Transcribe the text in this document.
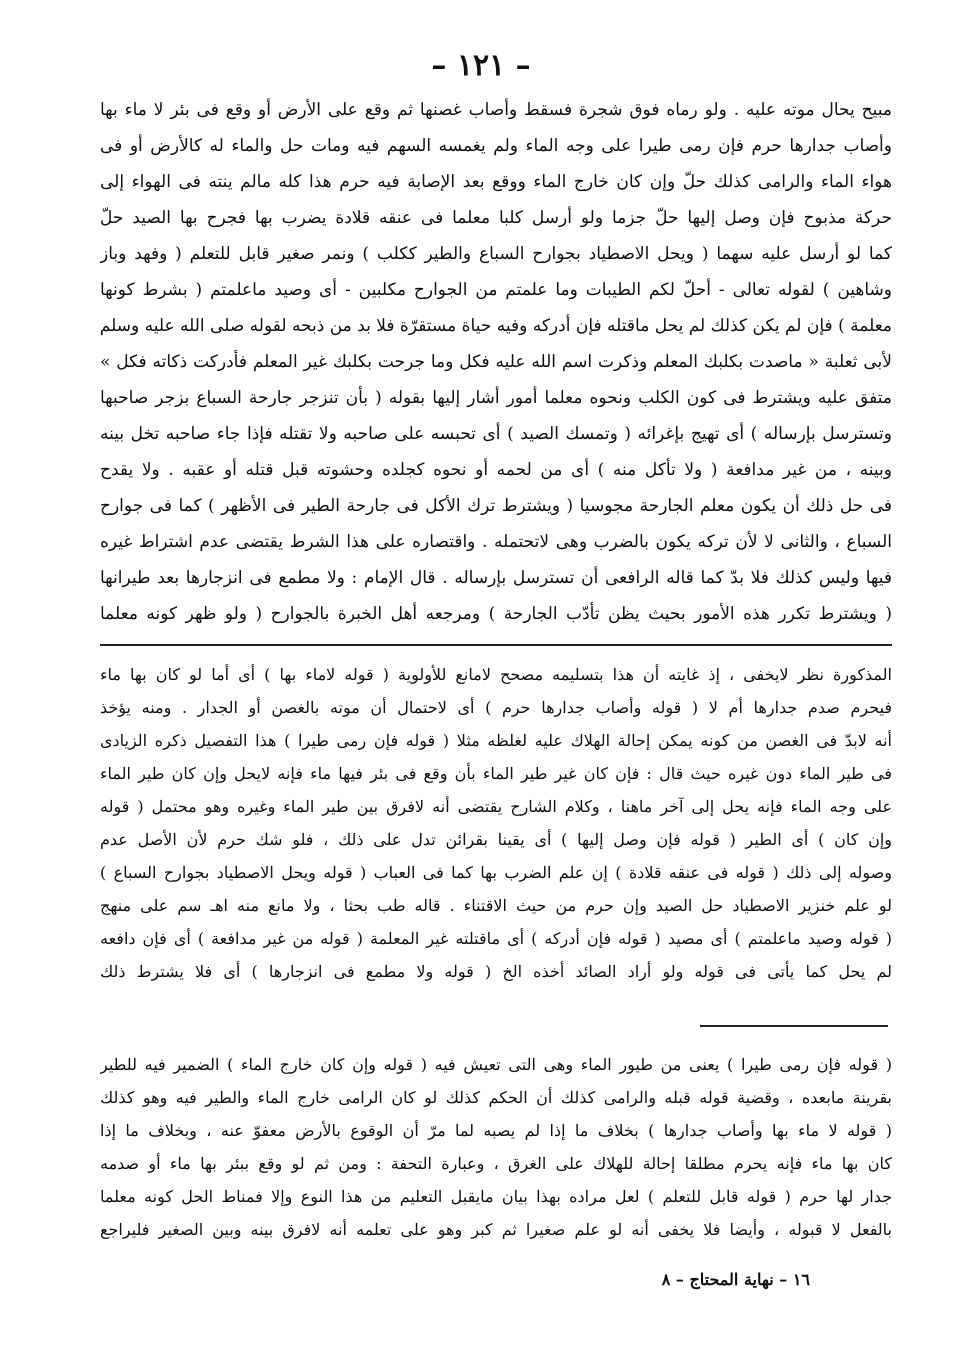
– ١٢١ –
مبيح يحال موته عليه . ولو رماه فوق شجرة فسقط وأصاب غصنها ثم وقع على الأرض أو وقع فى بئر لا ماء بها
وأصاب جدارها حرم فإن رمى طيرا على وجه الماء ولم يغمسه السهم فيه ومات حل والماء له كالأرض أو فى
هواء الماء والرامى كذلك حلّ وإن كان خارج الماء ووقع بعد الإصابة فيه حرم هذا كله مالم ينته فى الهواء إلى
حركة مذبوح فإن وصل إليها حلّ جزما ولو أرسل كلبا معلما فى عنقه قلادة يضرب بها فجرح بها الصيد حلّ
كما لو أرسل عليه سهما ( ويحل الاصطياد بجوارح السباع والطير ككلب ) ونمر صغير قابل للتعلم ( وفهد وباز
وشاهين ) لقوله تعالى - أحلّ لكم الطيبات وما علمتم من الجوارح مكلبين - أى وصيد ماعلمتم ( بشرط كونها
معلمة ) فإن لم يكن كذلك لم يحل ماقتله فإن أدركه وفيه حياة مستقرّة فلا بد من ذبحه لقوله صلى الله عليه وسلم
لأبى ثعلبة « ماصدت بكلبك المعلم وذكرت اسم الله عليه فكل وما جرحت بكلبك غير المعلم فأدركت ذكاته فكل »
متفق عليه ويشترط فى كون الكلب ونحوه معلما أمور أشار إليها بقوله ( بأن تنزجر جارحة السباع بزجر صاحبها
وتسترسل بإرساله ) أى تهيج بإغرائه ( وتمسك الصيد ) أى تحبسه على صاحبه ولا تقتله فإذا جاء صاحبه تخل بينه
وبينه ، من غير مدافعة ( ولا تأكل منه ) أى من لحمه أو نحوه كجلده وحشوته قبل قتله أو عقبه . ولا يقدح
فى حل ذلك أن يكون معلم الجارحة مجوسيا ( ويشترط ترك الأكل فى جارحة الطير فى الأظهر ) كما فى جوارح
السباع ، والثانى لا لأن تركه يكون بالضرب وهى لاتحتمله . واقتصاره على هذا الشرط يقتضى عدم اشتراط غيره
فيها وليس كذلك فلا بدّ كما قاله الرافعى أن تسترسل بإرساله . قال الإمام : ولا مطمع فى انزجارها بعد طيرانها
( ويشترط تكرر هذه الأمور بحيث يظن تأدّب الجارحة ) ومرجعه أهل الخبرة بالجوارح ( ولو ظهر كونه معلما
المذكورة نظر لايخفى ، إذ غايته أن هذا بتسليمه مصحح لامانع للأولوية ( قوله لاماء بها ) أى أما لو كان بها ماء
فيحرم صدم جدارها أم لا ( قوله وأصاب جدارها حرم ) أى لاحتمال أن موته بالغصن أو الجدار . ومنه يؤخذ
أنه لابدّ فى الغصن من كونه يمكن إحالة الهلاك عليه لغلظه مثلا ( قوله فإن رمى طيرا ) هذا التفصيل ذكره الزيادى
فى طير الماء دون غيره حيث قال : فإن كان غير طير الماء بأن وقع فى بئر فيها ماء فإنه لايحل وإن كان طير الماء
على وجه الماء فإنه يحل إلى آخر ماهنا ، وكلام الشارح يقتضى أنه لافرق بين طير الماء وغيره وهو محتمل ( قوله
وإن كان ) أى الطير ( قوله فإن وصل إليها ) أى يقينا بقرائن تدل على ذلك ، فلو شك حرم لأن الأصل عدم
وصوله إلى ذلك ( قوله فى عنقه قلادة ) إن علم الضرب بها كما فى العباب ( قوله ويحل الاصطياد بجوارح السباع )
لو علم خنزير الاصطياد حل الصيد وإن حرم من حيث الاقتناء . قاله طب بحثا ، ولا مانع منه اهـ سم على منهج
( قوله وصيد ماعلمتم ) أى مصيد ( قوله فإن أدركه ) أى ماقتلته غير المعلمة ( قوله من غير مدافعة ) أى فإن دافعه
لم يحل كما يأتى فى قوله ولو أراد الصائد أخذه الخ ( قوله ولا مطمع فى انزجارها ) أى فلا يشترط ذلك
( قوله فإن رمى طيرا ) يعنى من طيور الماء وهى التى تعيش فيه ( قوله وإن كان خارج الماء ) الضمير فيه للطير
بقرينة مابعده ، وقضية قوله قبله والرامى كذلك أن الحكم كذلك لو كان الرامى خارج الماء والطير فيه وهو كذلك
( قوله لا ماء بها وأصاب جدارها ) بخلاف ما إذا لم يصبه لما مرّ أن الوقوع بالأرض معفوّ عنه ، وبخلاف ما إذا
كان بها ماء فإنه يحرم مطلقا إحالة للهلاك على الغرق ، وعبارة التحفة : ومن ثم لو وقع ببئر بها ماء أو صدمه
جدار لها حرم ( قوله قابل للتعلم ) لعل مراده بهذا بيان مايقبل التعليم من هذا النوع وإلا فمناط الحل كونه معلما
بالفعل لا قبوله ، وأيضا فلا يخفى أنه لو علم صغيرا ثم كبر وهو على تعلمه أنه لافرق بينه وبين الصغير فليراجع
١٦ – نهاية المحتاج – ٨
